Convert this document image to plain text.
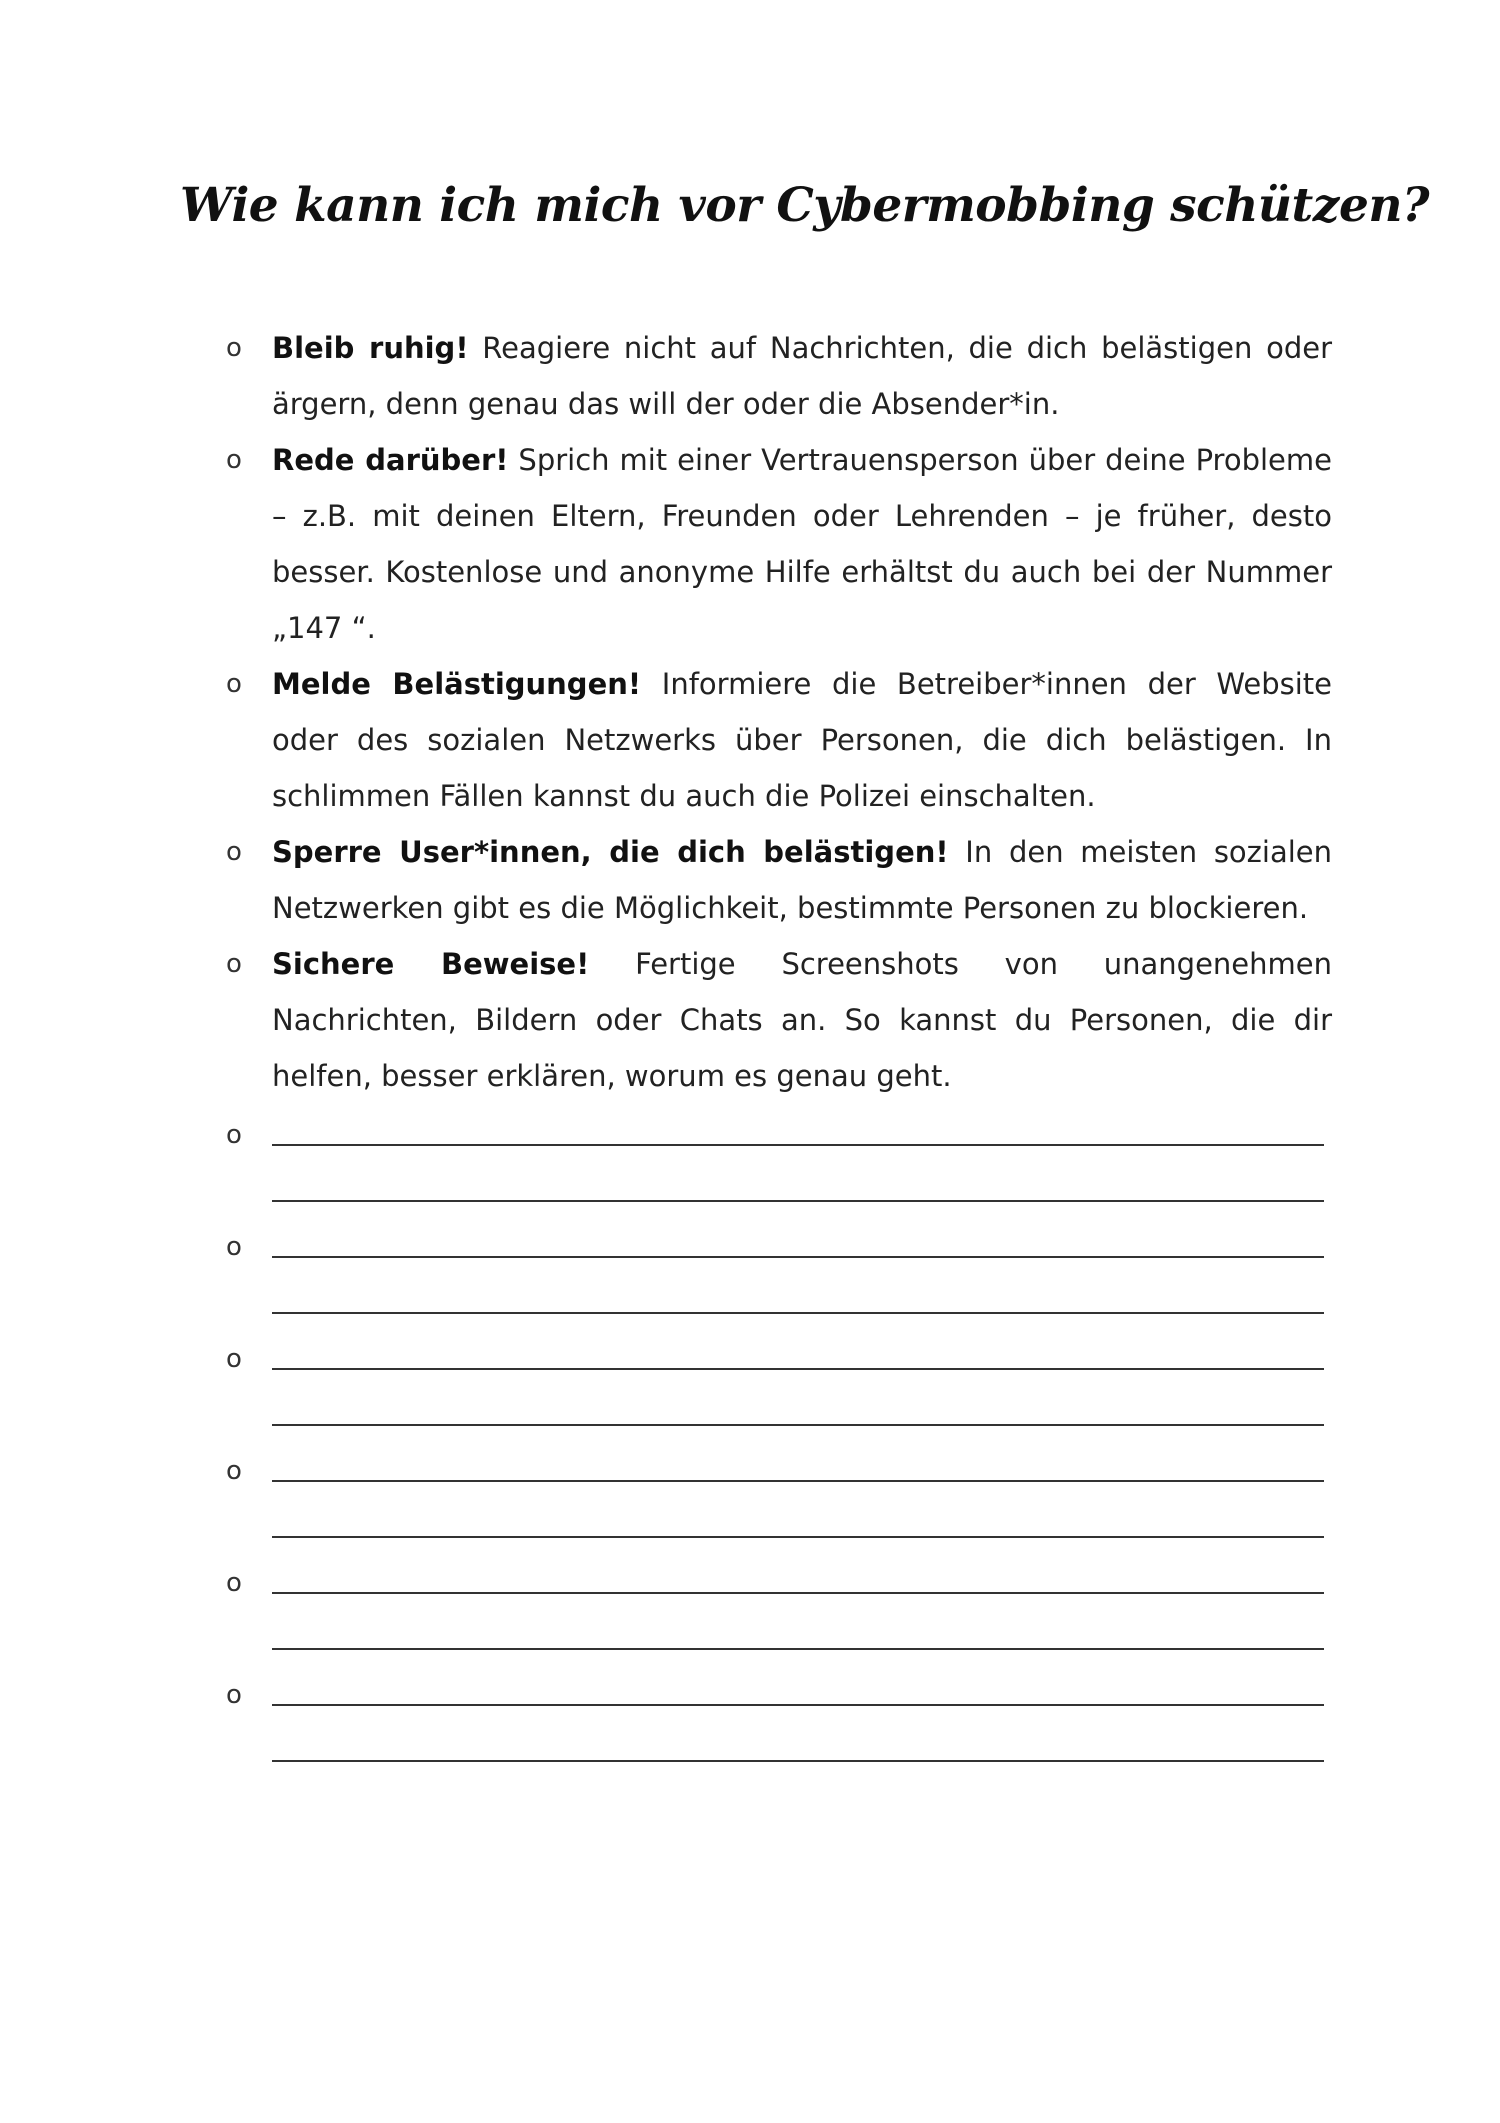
Wie kann ich mich vor Cybermobbing schützen?
o Bleib ruhig! Reagiere nicht auf Nachrichten, die dich belästigen oder ärgern, denn genau das will der oder die Absender*in.
o Rede darüber! Sprich mit einer Vertrauensperson über deine Probleme – z.B. mit deinen Eltern, Freunden oder Lehrenden – je früher, desto besser. Kostenlose und anonyme Hilfe erhältst du auch bei der Nummer „147 “.
o Melde Belästigungen! Informiere die Betreiber*innen der Website oder des sozialen Netzwerks über Personen, die dich belästigen. In schlimmen Fällen kannst du auch die Polizei einschalten.
o Sperre User*innen, die dich belästigen! In den meisten sozialen Netzwerken gibt es die Möglichkeit, bestimmte Personen zu blockieren.
o Sichere Beweise! Fertige Screenshots von unangenehmen Nachrichten, Bildern oder Chats an. So kannst du Personen, die dir helfen, besser erklären, worum es genau geht.
o
o
o
o
o
o
